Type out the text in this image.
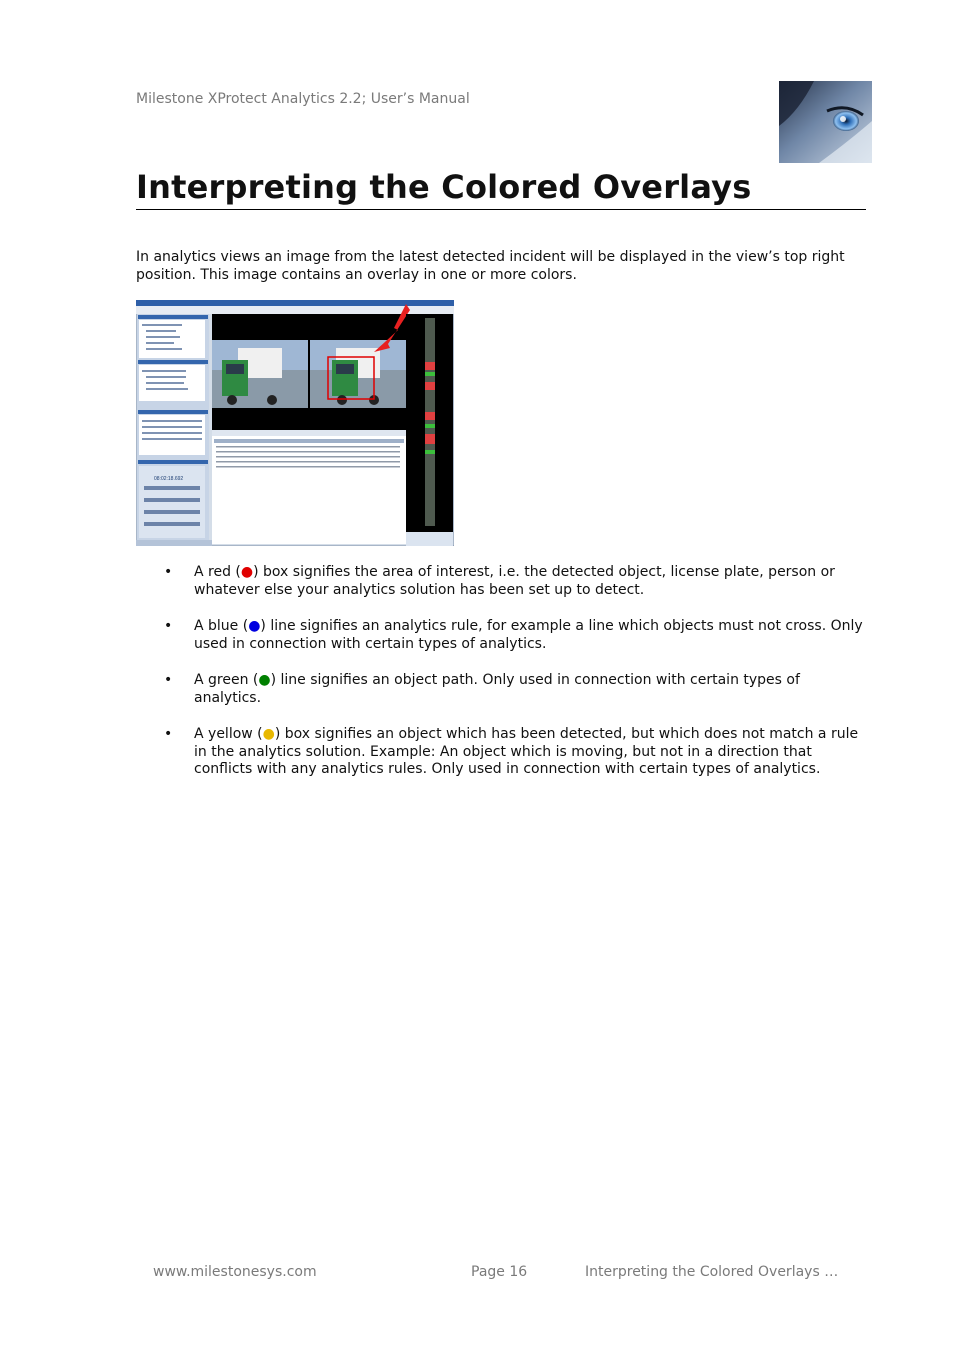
Milestone XProtect Analytics 2.2; User’s Manual
Interpreting the Colored Overlays

In analytics views an image from the latest detected incident will be displayed in the view’s top right position. This image contains an overlay in one or more colors.

08:02:18.692
• A red (●) box signifies the area of interest, i.e. the detected object, license plate, person or whatever else your analytics solution has been set up to detect.
• A blue (●) line signifies an analytics rule, for example a line which objects must not cross. Only used in connection with certain types of analytics.
• A green (●) line signifies an object path. Only used in connection with certain types of analytics.
• A yellow (●) box signifies an object which has been detected, but which does not match a rule in the analytics solution. Example: An object which is moving, but not in a direction that conflicts with any analytics rules. Only used in connection with certain types of analytics.
www.milestonesys.com	Page 16	Interpreting the Colored Overlays …
